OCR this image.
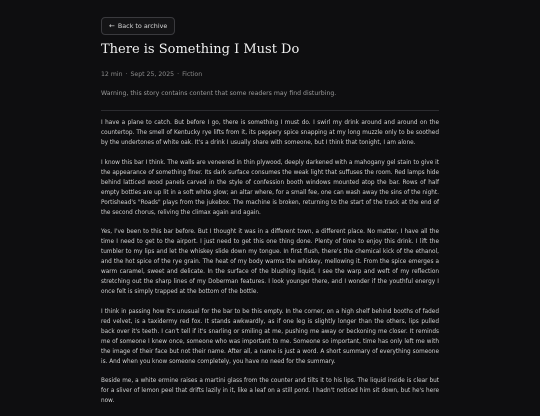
← Back to archive
There is Something I Must Do
12 min · Sept 25, 2025 · Fiction
Warning, this story contains content that some readers may find disturbing.

I have a plane to catch. But before I go, there is something I must do. I swirl my drink around and around on the countertop. The smell of Kentucky rye lifts from it, its peppery spice snapping at my long muzzle only to be soothed by the undertones of white oak. It's a drink I usually share with someone, but I think that tonight, I am alone.

I know this bar I think. The walls are veneered in thin plywood, deeply darkened with a mahogany gel stain to give it the appearance of something finer. Its dark surface consumes the weak light that suffuses the room. Red lamps hide behind latticed wood panels carved in the style of confession booth windows mounted atop the bar. Rows of half empty bottles are up lit in a soft white glow; an altar where, for a small fee, one can wash away the sins of the night. Portishead's "Roads" plays from the jukebox. The machine is broken, returning to the start of the track at the end of the second chorus, reliving the climax again and again.

Yes, I've been to this bar before. But I thought it was in a different town, a different place. No matter, I have all the time I need to get to the airport. I just need to get this one thing done. Plenty of time to enjoy this drink. I lift the tumbler to my lips and let the whiskey slide down my tongue. In first flush, there's the chemical kick of the ethanol, and the hot spice of the rye grain. The heat of my body warms the whiskey, mellowing it. From the spice emerges a warm caramel, sweet and delicate. In the surface of the blushing liquid, I see the warp and weft of my reflection stretching out the sharp lines of my Doberman features. I look younger there, and I wonder if the youthful energy I once felt is simply trapped at the bottom of the bottle.

I think in passing how it's unusual for the bar to be this empty. In the corner, on a high shelf behind booths of faded red velvet, is a taxidermy red fox. It stands awkwardly, as if one leg is slightly longer than the others, lips pulled back over it's teeth. I can't tell if it's snarling or smiling at me, pushing me away or beckoning me closer. It reminds me of someone I knew once, someone who was important to me. Someone so important, time has only left me with the image of their face but not their name. After all, a name is just a word. A short summary of everything someone is. And when you know someone completely, you have no need for the summary.

Beside me, a white ermine raises a martini glass from the counter and tilts it to his lips. The liquid inside is clear but for a sliver of lemon peel that drifts lazily in it, like a leaf on a still pond. I hadn't noticed him sit down, but he's here now.
